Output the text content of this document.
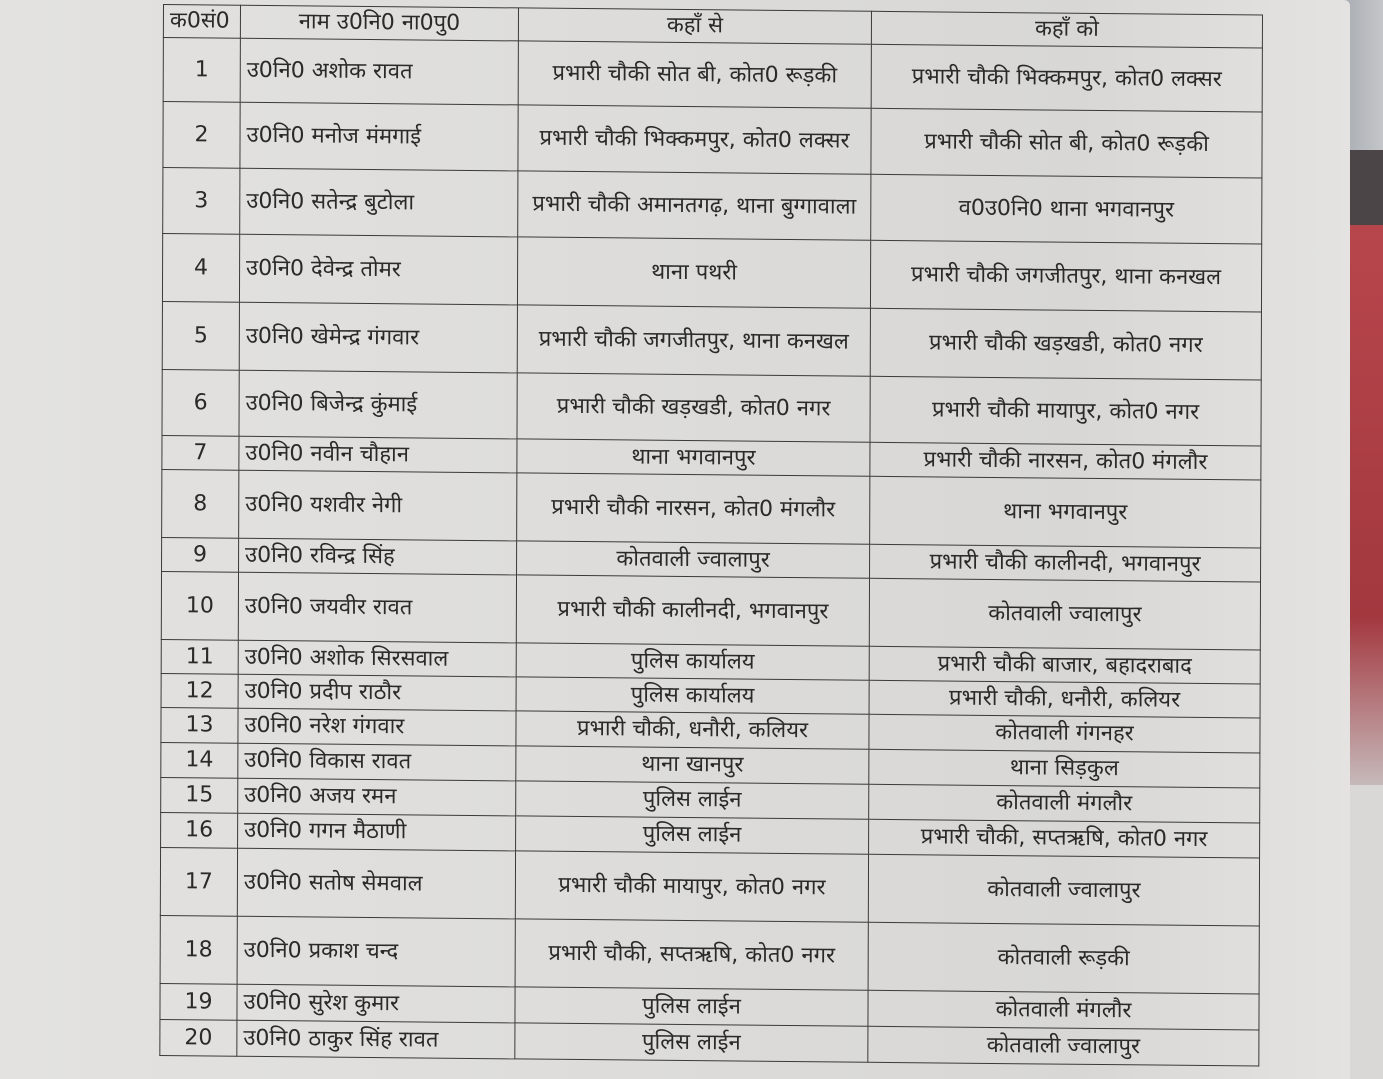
क0सं0	नाम उ0नि0 ना0पु0	कहाँ से	कहाँ को
1	उ0नि0 अशोक रावत	प्रभारी चौकी सोत बी, कोत0 रूड़की	प्रभारी चौकी भिक्कमपुर, कोत0 लक्सर
2	उ0नि0 मनोज मंमगाई	प्रभारी चौकी भिक्कमपुर, कोत0 लक्सर	प्रभारी चौकी सोत बी, कोत0 रूड़की
3	उ0नि0 सतेन्द्र बुटोला	प्रभारी चौकी अमानतगढ़, थाना बुग्गावाला	व0उ0नि0 थाना भगवानपुर
4	उ0नि0 देवेन्द्र तोमर	थाना पथरी	प्रभारी चौकी जगजीतपुर, थाना कनखल
5	उ0नि0 खेमेन्द्र गंगवार	प्रभारी चौकी जगजीतपुर, थाना कनखल	प्रभारी चौकी खड़खडी, कोत0 नगर
6	उ0नि0 बिजेन्द्र कुंमाई	प्रभारी चौकी खड़खडी, कोत0 नगर	प्रभारी चौकी मायापुर, कोत0 नगर
7	उ0नि0 नवीन चौहान	थाना भगवानपुर	प्रभारी चौकी नारसन, कोत0 मंगलौर
8	उ0नि0 यशवीर नेगी	प्रभारी चौकी नारसन, कोत0 मंगलौर	थाना भगवानपुर
9	उ0नि0 रविन्द्र सिंह	कोतवाली ज्वालापुर	प्रभारी चौकी कालीनदी, भगवानपुर
10	उ0नि0 जयवीर रावत	प्रभारी चौकी कालीनदी, भगवानपुर	कोतवाली ज्वालापुर
11	उ0नि0 अशोक सिरसवाल	पुलिस कार्यालय	प्रभारी चौकी बाजार, बहादराबाद
12	उ0नि0 प्रदीप राठौर	पुलिस कार्यालय	प्रभारी चौकी, धनौरी, कलियर
13	उ0नि0 नरेश गंगवार	प्रभारी चौकी, धनौरी, कलियर	कोतवाली गंगनहर
14	उ0नि0 विकास रावत	थाना खानपुर	थाना सिड़कुल
15	उ0नि0 अजय रमन	पुलिस लाईन	कोतवाली मंगलौर
16	उ0नि0 गगन मैठाणी	पुलिस लाईन	प्रभारी चौकी, सप्तऋषि, कोत0 नगर
17	उ0नि0 सतोष सेमवाल	प्रभारी चौकी मायापुर, कोत0 नगर	कोतवाली ज्वालापुर
18	उ0नि0 प्रकाश चन्द	प्रभारी चौकी, सप्तऋषि, कोत0 नगर	कोतवाली रूड़की
19	उ0नि0 सुरेश कुमार	पुलिस लाईन	कोतवाली मंगलौर
20	उ0नि0 ठाकुर सिंह रावत	पुलिस लाईन	कोतवाली ज्वालापुर
